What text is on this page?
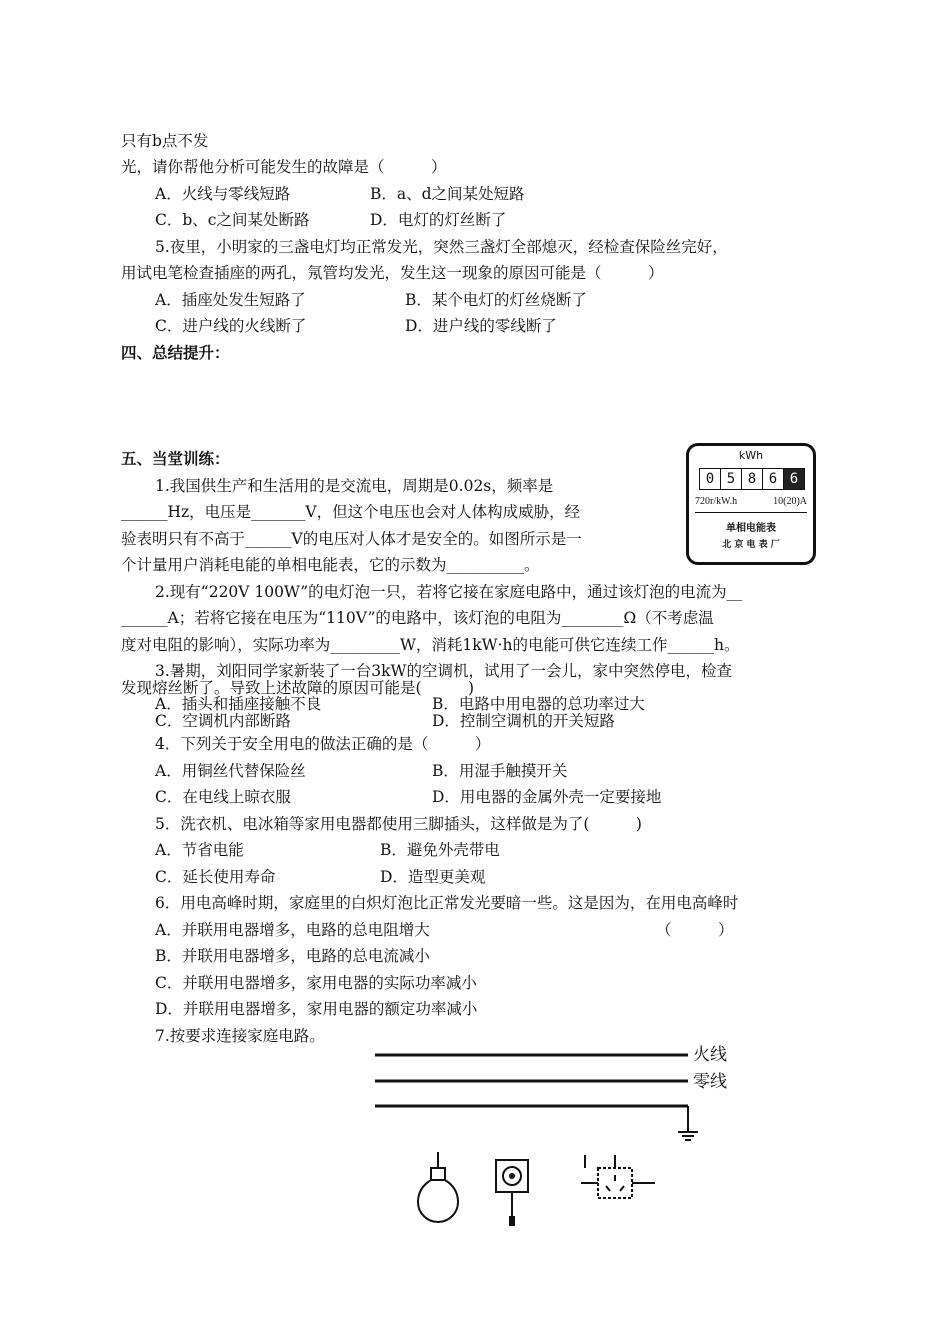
只有b点不发
光，请你帮他分析可能发生的故障是（　　　）
A．火线与零线短路	B．a、d之间某处短路
C．b、c之间某处断路	D．电灯的灯丝断了
5.夜里，小明家的三盏电灯均正常发光，突然三盏灯全部熄灭，经检查保险丝完好，
用试电笔检查插座的两孔，氖管均发光，发生这一现象的原因可能是（　　　）
A．插座处发生短路了	B．某个电灯的灯丝烧断了
C．进户线的火线断了	D．进户线的零线断了
四、总结提升：
五、当堂训练：
1.我国供生产和生活用的是交流电，周期是0.02s，频率是
______Hz，电压是_______V，但这个电压也会对人体构成威胁，经
验表明只有不高于______V的电压对人体才是安全的。如图所示是一
个计量用户消耗电能的单相电能表，它的示数为__________。
kWh
0 5 8 6 6
720r/kW.h	10(20)A
单相电能表
北 京 电 表 厂
2.现有“220V 100W”的电灯泡一只，若将它接在家庭电路中，通过该灯泡的电流为__
______A；若将它接在电压为“110V”的电路中，该灯泡的电阻为________Ω（不考虑温
度对电阻的影响），实际功率为_________W，消耗1kW·h的电能可供它连续工作______h。
3.暑期，刘阳同学家新装了一台3kW的空调机，试用了一会儿，家中突然停电，检查
发现熔丝断了。导致上述故障的原因可能是(　　　)
A．插头和插座接触不良	B．电路中用电器的总功率过大
C．空调机内部断路	D．控制空调机的开关短路
4．下列关于安全用电的做法正确的是（　　　）
A．用铜丝代替保险丝	B．用湿手触摸开关
C．在电线上晾衣服	D．用电器的金属外壳一定要接地
5．洗衣机、电冰箱等家用电器都使用三脚插头，这样做是为了(　　　)
A．节省电能	B．避免外壳带电
C．延长使用寿命	D．造型更美观
6．用电高峰时期，家庭里的白炽灯泡比正常发光要暗一些。这是因为，在用电高峰时
A．并联用电器增多，电路的总电阻增大	（　　　）
B．并联用电器增多，电路的总电流减小
C．并联用电器增多，家用电器的实际功率减小
D．并联用电器增多，家用电器的额定功率减小
7.按要求连接家庭电路。
火线
零线
